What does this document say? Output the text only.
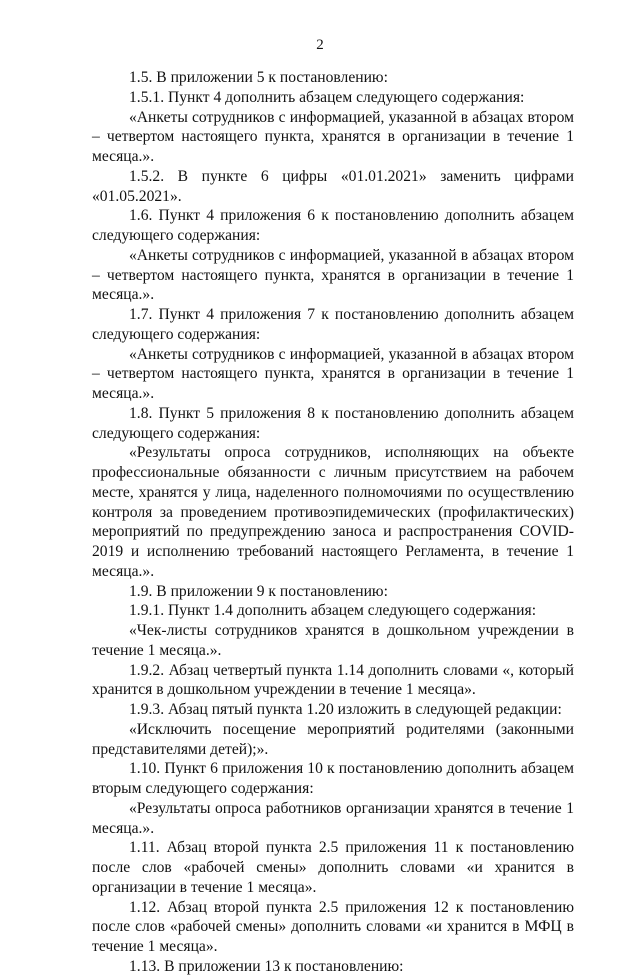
2

1.5. В приложении 5 к постановлению:

1.5.1. Пункт 4 дополнить абзацем следующего содержания:

«Анкеты сотрудников с информацией, указанной в абзацах втором – четвертом настоящего пункта, хранятся в организации в течение 1 месяца.».

1.5.2. В пункте 6 цифры «01.01.2021» заменить цифрами «01.05.2021».

1.6. Пункт 4 приложения 6 к постановлению дополнить абзацем следующего содержания:

«Анкеты сотрудников с информацией, указанной в абзацах втором – четвертом настоящего пункта, хранятся в организации в течение 1 месяца.».

1.7. Пункт 4 приложения 7 к постановлению дополнить абзацем следующего содержания:

«Анкеты сотрудников с информацией, указанной в абзацах втором – четвертом настоящего пункта, хранятся в организации в течение 1 месяца.».

1.8. Пункт 5 приложения 8 к постановлению дополнить абзацем следующего содержания:

«Результаты опроса сотрудников, исполняющих на объекте профессиональные обязанности с личным присутствием на рабочем месте, хранятся у лица, наделенного полномочиями по осуществлению контроля за проведением противоэпидемических (профилактических) мероприятий по предупреждению заноса и распространения COVID-2019 и исполнению требований настоящего Регламента, в течение 1 месяца.».

1.9. В приложении 9 к постановлению:

1.9.1. Пункт 1.4 дополнить абзацем следующего содержания:

«Чек-листы сотрудников хранятся в дошкольном учреждении в течение 1 месяца.».

1.9.2. Абзац четвертый пункта 1.14 дополнить словами «, который хранится в дошкольном учреждении в течение 1 месяца».

1.9.3. Абзац пятый пункта 1.20 изложить в следующей редакции:

«Исключить посещение мероприятий родителями (законными представителями детей);».

1.10. Пункт 6 приложения 10 к постановлению дополнить абзацем вторым следующего содержания:

«Результаты опроса работников организации хранятся в течение 1 месяца.».

1.11. Абзац второй пункта 2.5 приложения 11 к постановлению после слов «рабочей смены» дополнить словами «и хранится в организации в течение 1 месяца».

1.12. Абзац второй пункта 2.5 приложения 12 к постановлению после слов «рабочей смены» дополнить словами «и хранится в МФЦ в течение 1 месяца».

1.13. В приложении 13 к постановлению:
